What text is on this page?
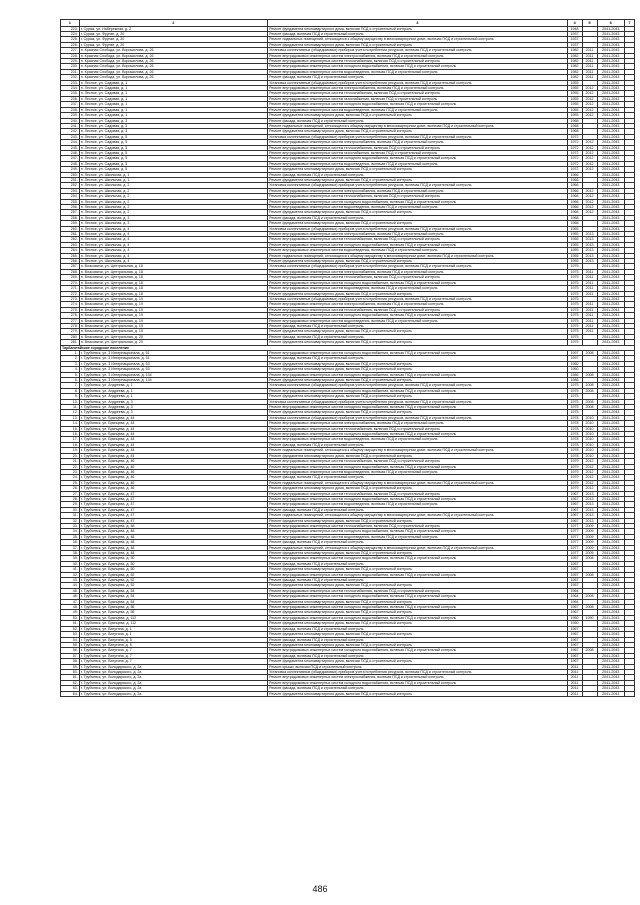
1	2	3	4	5	6	7
223.	г. Сураж, ул. Набережная, д. 2	Ремонт фундамента многоквартирного дома, включая ПСД и строительный контроль	1948		2041-2043	
224.	г. Сураж, ул. Фрунзе, д. 20	Ремонт фасада, включая ПСД и строительный контроль	1937		2041-2043	
225.	г. Сураж, ул. Фрунзе, д. 20	Ремонт подвальных помещений, относящихся к общему имуществу в многоквартирном доме, включая ПСД и строительный контроль	1937		2041-2043	
226.	г. Сураж, ул. Фрунзе, д. 20	Ремонт фундамента многоквартирного дома, включая ПСД и строительный контроль	1937		2041-2043	
227.	п. Красная Слобода, ул. Ворошилова, д. 26	Установка коллективных (общедомовых) приборов учета потребления ресурсов, включая ПСД и строительный контроль	1982	2011	2041-2043	
228.	п. Красная Слобода, ул. Ворошилова, д. 26	Ремонт внутридомовых инженерных систем электроснабжения, включая ПСД и строительный контроль	1982	2011	2041-2043	
229.	п. Красная Слобода, ул. Ворошилова, д. 26	Ремонт внутридомовых инженерных систем теплоснабжения, включая ПСД и строительный контроль	1982	2011	2041-2043	
230.	п. Красная Слобода, ул. Ворошилова, д. 26	Ремонт внутридомовых инженерных систем холодного водоснабжения, включая ПСД и строительный контроль	1982	2011	2041-2043	
231.	п. Красная Слобода, ул. Ворошилова, д. 26	Ремонт внутридомовых инженерных систем водоотведения, включая ПСД и строительный контроль	1982	2011	2041-2043	
232.	п. Красная Слобода, ул. Ворошилова, д. 26	Ремонт фасада, включая ПСД и строительный контроль	1982	2011	2041-2043	
233.	п. Лесное, ул. Садовая, д. 1	Установка коллективных (общедомовых) приборов учета потребления ресурсов, включая ПСД и строительный контроль	1955		2041-2043	
234.	п. Лесное, ул. Садовая, д. 1	Ремонт внутридомовых инженерных систем электроснабжения, включая ПСД и строительный контроль	1955	2012	2041-2043	
235.	п. Лесное, ул. Садовая, д. 1	Ремонт внутридомовых инженерных систем теплоснабжения, включая ПСД и строительный контроль	1955	2012	2041-2043	
236.	п. Лесное, ул. Садовая, д. 1	Ремонт внутридомовых инженерных систем газоснабжения, включая ПСД и строительный контроль	1955	2012	2041-2043	
237.	п. Лесное, ул. Садовая, д. 1	Ремонт внутридомовых инженерных систем холодного водоснабжения, включая ПСД и строительный контроль	1955	2012	2041-2043	
238.	п. Лесное, ул. Садовая, д. 1	Ремонт внутридомовых инженерных систем водоотведения, включая ПСД и строительный контроль	1955	2012	2041-2043	
239.	п. Лесное, ул. Садовая, д. 1	Ремонт фундамента многоквартирного дома, включая ПСД и строительный контроль	1955	2012	2041-2043	
240.	п. Лесное, ул. Садовая, д. 3	Ремонт фасада, включая ПСД и строительный контроль	1968		2041-2043	
241.	п. Лесное, ул. Садовая, д. 3	Ремонт подвальных помещений, относящихся к общему имуществу в многоквартирном доме, включая ПСД и строительный контроль	1968		2041-2043	
242.	п. Лесное, ул. Садовая, д. 3	Ремонт фундамента многоквартирного дома, включая ПСД и строительный контроль	1968		2041-2043	
243.	п. Лесное, ул. Садовая, д. 5	Установка коллективных (общедомовых) приборов учета потребления ресурсов, включая ПСД и строительный контроль	1972		2041-2043	
244.	п. Лесное, ул. Садовая, д. 5	Ремонт внутридомовых инженерных систем электроснабжения, включая ПСД и строительный контроль	1972	2012	2041-2043	
245.	п. Лесное, ул. Садовая, д. 5	Ремонт внутридомовых инженерных систем теплоснабжения, включая ПСД и строительный контроль	1972	2012	2041-2043	
246.	п. Лесное, ул. Садовая, д. 5	Ремонт внутридомовых инженерных систем газоснабжения, включая ПСД и строительный контроль	1972	2012	2041-2043	
247.	п. Лесное, ул. Садовая, д. 5	Ремонт внутридомовых инженерных систем холодного водоснабжения, включая ПСД и строительный контроль	1972	2012	2041-2043	
248.	п. Лесное, ул. Садовая, д. 5	Ремонт внутридомовых инженерных систем водоотведения, включая ПСД и строительный контроль	1972	2012	2041-2043	
249.	п. Лесное, ул. Садовая, д. 5	Ремонт фундамента многоквартирного дома, включая ПСД и строительный контроль	1972	2012	2041-2043	
250.	п. Лесное, ул. Школьная, д. 1	Ремонт фасада, включая ПСД и строительный контроль	1966		2041-2043	
251.	п. Лесное, ул. Школьная, д. 1	Ремонт фундамента многоквартирного дома, включая ПСД и строительный контроль	1966		2041-2043	
252.	п. Лесное, ул. Школьная, д. 2	Установка коллективных (общедомовых) приборов учета потребления ресурсов, включая ПСД и строительный контроль	1966		2041-2043	
253.	п. Лесное, ул. Школьная, д. 2	Ремонт внутридомовых инженерных систем электроснабжения, включая ПСД и строительный контроль	1966	2012	2041-2043	
254.	п. Лесное, ул. Школьная, д. 2	Ремонт внутридомовых инженерных систем теплоснабжения, включая ПСД и строительный контроль	1966	2012	2041-2043	
255.	п. Лесное, ул. Школьная, д. 2	Ремонт внутридомовых инженерных систем холодного водоснабжения, включая ПСД и строительный контроль	1966	2012	2041-2043	
256.	п. Лесное, ул. Школьная, д. 2	Ремонт внутридомовых инженерных систем водоотведения, включая ПСД и строительный контроль	1966	2012	2041-2043	
257.	п. Лесное, ул. Школьная, д. 2	Ремонт фундамента многоквартирного дома, включая ПСД и строительный контроль	1966	2012	2041-2043	
258.	п. Лесное, ул. Школьная, д. 3	Ремонт фасада, включая ПСД и строительный контроль	1968		2041-2043	
259.	п. Лесное, ул. Школьная, д. 3	Ремонт фундамента многоквартирного дома, включая ПСД и строительный контроль	1968		2041-2043	
260.	п. Лесное, ул. Школьная, д. 4	Установка коллективных (общедомовых) приборов учета потребления ресурсов, включая ПСД и строительный контроль	1955		2041-2043	
261.	п. Лесное, ул. Школьная, д. 4	Ремонт внутридомовых инженерных систем электроснабжения, включая ПСД и строительный контроль	1955	2013	2041-2043	
262.	п. Лесное, ул. Школьная, д. 4	Ремонт внутридомовых инженерных систем теплоснабжения, включая ПСД и строительный контроль	1955	2013	2041-2043	
263.	п. Лесное, ул. Школьная, д. 4	Ремонт внутридомовых инженерных систем холодного водоснабжения, включая ПСД и строительный контроль	1955	2013	2041-2043	
264.	п. Лесное, ул. Школьная, д. 4	Ремонт внутридомовых инженерных систем водоотведения, включая ПСД и строительный контроль	1955	2013	2041-2043	
265.	п. Лесное, ул. Школьная, д. 4	Ремонт подвальных помещений, относящихся к общему имуществу в многоквартирном доме, включая ПСД и строительный контроль	1955	2013	2041-2043	
266.	п. Лесное, ул. Школьная, д. 4	Ремонт фундамента многоквартирного дома, включая ПСД и строительный контроль	1955	2013	2041-2043	
267.	п. Власовичи, ул. Центральная, д. 18	Установка коллективных (общедомовых) приборов учета потребления ресурсов, включая ПСД и строительный контроль	1975		2041-2043	
268.	п. Власовичи, ул. Центральная, д. 18	Ремонт внутридомовых инженерных систем электроснабжения, включая ПСД и строительный контроль	1975	2011	2041-2043	
269.	п. Власовичи, ул. Центральная, д. 18	Ремонт внутридомовых инженерных систем теплоснабжения, включая ПСД и строительный контроль	1975	2011	2041-2043	
270.	п. Власовичи, ул. Центральная, д. 18	Ремонт внутридомовых инженерных систем холодного водоснабжения, включая ПСД и строительный контроль	1975	2011	2041-2043	
271.	п. Власовичи, ул. Центральная, д. 18	Ремонт внутридомовых инженерных систем водоотведения, включая ПСД и строительный контроль	1975	2011	2041-2043	
272.	п. Власовичи, ул. Центральная, д. 18	Ремонт фундамента многоквартирного дома, включая ПСД и строительный контроль	1975	2011	2041-2043	
273.	п. Власовичи, ул. Центральная, д. 19	Установка коллективных (общедомовых) приборов учета потребления ресурсов, включая ПСД и строительный контроль	1975		2041-2043	
274.	п. Власовичи, ул. Центральная, д. 19	Ремонт внутридомовых инженерных систем электроснабжения, включая ПСД и строительный контроль	1975	2011	2041-2043	
275.	п. Власовичи, ул. Центральная, д. 19	Ремонт внутридомовых инженерных систем теплоснабжения, включая ПСД и строительный контроль	1975	2011	2041-2043	
276.	п. Власовичи, ул. Центральная, д. 19	Ремонт внутридомовых инженерных систем холодного водоснабжения, включая ПСД и строительный контроль	1975	2011	2041-2043	
277.	п. Власовичи, ул. Центральная, д. 19	Ремонт внутридомовых инженерных систем водоотведения, включая ПСД и строительный контроль	1975	2011	2041-2043	
278.	п. Власовичи, ул. Центральная, д. 19	Ремонт фасада, включая ПСД и строительный контроль	1975	2011	2041-2043	
279.	п. Власовичи, ул. Центральная, д. 19	Ремонт фундамента многоквартирного дома, включая ПСД и строительный контроль	1975	2011	2041-2043	
280.	п. Власовичи, ул. Центральная, д. 20	Ремонт фасада, включая ПСД и строительный контроль	1975		2041-2043	
281.	п. Власовичи, ул. Центральная, д. 20	Ремонт фундамента многоквартирного дома, включая ПСД и строительный контроль	1975		2041-2043	
Тарбагатайское городское поселение						
1.	г. Трубчевск, ул. 3 Интернационала, д. 51	Ремонт внутридомовых инженерных систем холодного водоснабжения, включая ПСД и строительный контроль	1997	2008	2041-2043	
2.	г. Трубчевск, ул. 3 Интернационала, д. 51	Ремонт фасада, включая ПСД и строительный контроль	1997		2041-2043	
3.	г. Трубчевск, ул. 3 Интернационала, д. 53	Ремонт фундамента многоквартирного дома, включая ПСД и строительный контроль	1960		2041-2043	
4.	г. Трубчевск, ул. 3 Интернационала, д. 53	Ремонт фундамента многоквартирного дома, включая ПСД и строительный контроль	1960		2041-2043	
5.	г. Трубчевск, ул. 3 Интернационала, д. 134	Ремонт внутридомовых инженерных систем холодного водоснабжения, включая ПСД и строительный контроль	1986	2008	2041-2043	
6.	г. Трубчевск, ул. 3 Интернационала, д. 134	Ремонт фундамента многоквартирного дома, включая ПСД и строительный контроль	1986		2041-2043	
7.	г. Трубчевск, ул. Андреева, д. 1	Установка коллективных (общедомовых) приборов учета потребления ресурсов, включая ПСД и строительный контроль	1975	2008	2041-2043	
8.	г. Трубчевск, ул. Андреева, д. 1	Ремонт внутридомовых инженерных систем холодного водоснабжения, включая ПСД и строительный контроль	1975	2008	2041-2043	
9.	г. Трубчевск, ул. Андреева, д. 1	Ремонт фундамента многоквартирного дома, включая ПСД и строительный контроль	1975		2041-2043	
10.	г. Трубчевск, ул. Андреева, д. 3	Установка коллективных (общедомовых) приборов учета потребления ресурсов, включая ПСД и строительный контроль	1975	2008	2041-2043	
11.	г. Трубчевск, ул. Андреева, д. 3	Ремонт внутридомовых инженерных систем холодного водоснабжения, включая ПСД и строительный контроль	1975	2008	2041-2043	
12.	г. Трубчевск, ул. Андреева, д. 3	Ремонт фундамента многоквартирного дома, включая ПСД и строительный контроль	1975		2041-2043	
13.	г. Трубчевск, ул. Брянцева, д. 44	Установка коллективных (общедомовых) приборов учета потребления ресурсов, включая ПСД и строительный контроль	1978	2010	2041-2043	
14.	г. Трубчевск, ул. Брянцева, д. 44	Ремонт внутридомовых инженерных систем электроснабжения, включая ПСД и строительный контроль	1978	2010	2041-2043	
15.	г. Трубчевск, ул. Брянцева, д. 44	Ремонт внутридомовых инженерных систем теплоснабжения, включая ПСД и строительный контроль	1978	2010	2041-2043	
16.	г. Трубчевск, ул. Брянцева, д. 44	Ремонт внутридомовых инженерных систем холодного водоснабжения, включая ПСД и строительный контроль	1978	2010	2041-2043	
17.	г. Трубчевск, ул. Брянцева, д. 44	Ремонт внутридомовых инженерных систем водоотведения, включая ПСД и строительный контроль	1978	2010	2041-2043	
18.	г. Трубчевск, ул. Брянцева, д. 44	Ремонт фасада, включая ПСД и строительный контроль	1978	2010	2041-2043	
19.	г. Трубчевск, ул. Брянцева, д. 44	Ремонт подвальных помещений, относящихся к общему имуществу в многоквартирном доме, включая ПСД и строительный контроль	1978	2010	2041-2043	
20.	г. Трубчевск, ул. Брянцева, д. 44	Ремонт фундамента многоквартирного дома, включая ПСД и строительный контроль	1978	2010	2041-2043	
21.	г. Трубчевск, ул. Брянцева, д. 46	Ремонт внутридомовых инженерных систем теплоснабжения, включая ПСД и строительный контроль	1979	2012	2041-2043	
22.	г. Трубчевск, ул. Брянцева, д. 46	Ремонт внутридомовых инженерных систем холодного водоснабжения, включая ПСД и строительный контроль	1979	2012	2041-2043	
23.	г. Трубчевск, ул. Брянцева, д. 46	Ремонт внутридомовых инженерных систем водоотведения, включая ПСД и строительный контроль	1979	2012	2041-2043	
24.	г. Трубчевск, ул. Брянцева, д. 46	Ремонт фасада, включая ПСД и строительный контроль	1979	2012	2041-2043	
25.	г. Трубчевск, ул. Брянцева, д. 46	Ремонт подвальных помещений, относящихся к общему имуществу в многоквартирном доме, включая ПСД и строительный контроль	1979	2012	2041-2043	
26.	г. Трубчевск, ул. Брянцева, д. 46	Ремонт фундамента многоквартирного дома, включая ПСД и строительный контроль	1979	2012	2041-2043	
27.	г. Трубчевск, ул. Брянцева, д. 47	Ремонт внутридомовых инженерных систем теплоснабжения, включая ПСД и строительный контроль	1967	2013	2041-2043	
28.	г. Трубчевск, ул. Брянцева, д. 47	Ремонт внутридомовых инженерных систем холодного водоснабжения, включая ПСД и строительный контроль	1967	2013	2041-2043	
29.	г. Трубчевск, ул. Брянцева, д. 47	Ремонт внутридомовых инженерных систем водоотведения, включая ПСД и строительный контроль	1967	2013	2041-2043	
30.	г. Трубчевск, ул. Брянцева, д. 47	Ремонт фасада, включая ПСД и строительный контроль	1967	2013	2041-2043	
31.	г. Трубчевск, ул. Брянцева, д. 47	Ремонт подвальных помещений, относящихся к общему имуществу в многоквартирном доме, включая ПСД и строительный контроль	1967	2013	2041-2043	
32.	г. Трубчевск, ул. Брянцева, д. 47	Ремонт фундамента многоквартирного дома, включая ПСД и строительный контроль	1967	2013	2041-2043	
33.	г. Трубчевск, ул. Брянцева, д. 48	Ремонт внутридомовых инженерных систем теплоснабжения, включая ПСД и строительный контроль	1977	2009	2041-2043	
34.	г. Трубчевск, ул. Брянцева, д. 48	Ремонт внутридомовых инженерных систем холодного водоснабжения, включая ПСД и строительный контроль	1977	2009	2041-2043	
35.	г. Трубчевск, ул. Брянцева, д. 48	Ремонт внутридомовых инженерных систем водоотведения, включая ПСД и строительный контроль	1977	2009	2041-2043	
36.	г. Трубчевск, ул. Брянцева, д. 48	Ремонт фасада, включая ПСД и строительный контроль	1977	2009	2041-2043	
37.	г. Трубчевск, ул. Брянцева, д. 48	Ремонт подвальных помещений, относящихся к общему имуществу в многоквартирном доме, включая ПСД и строительный контроль	1977	2009	2041-2043	
38.	г. Трубчевск, ул. Брянцева, д. 48	Ремонт фундамента многоквартирного дома, включая ПСД и строительный контроль	1977	2009	2041-2043	
39.	г. Трубчевск, ул. Брянцева, д. 50	Ремонт внутридомовых инженерных систем холодного водоснабжения, включая ПСД и строительный контроль	1957	2008	2041-2043	
40.	г. Трубчевск, ул. Брянцева, д. 50	Ремонт фасада, включая ПСД и строительный контроль	1957		2041-2043	
41.	г. Трубчевск, ул. Брянцева, д. 50	Ремонт фундамента многоквартирного дома, включая ПСД и строительный контроль	1957		2041-2043	
42.	г. Трубчевск, ул. Брянцева, д. 52	Ремонт внутридомовых инженерных систем холодного водоснабжения, включая ПСД и строительный контроль	1957	2008	2041-2043	
43.	г. Трубчевск, ул. Брянцева, д. 52	Ремонт фасада, включая ПСД и строительный контроль	1957		2041-2043	
44.	г. Трубчевск, ул. Брянцева, д. 52	Ремонт фундамента многоквартирного дома, включая ПСД и строительный контроль	1957		2041-2043	
45.	г. Трубчевск, ул. Брянцева, д. 54	Ремонт внутридомовых инженерных систем теплоснабжения, включая ПСД и строительный контроль	1964		2041-2043	
46.	г. Трубчевск, ул. Брянцева, д. 54	Ремонт внутридомовых инженерных систем холодного водоснабжения, включая ПСД и строительный контроль	1964	2008	2041-2043	
47.	г. Трубчевск, ул. Брянцева, д. 54	Ремонт фундамента многоквартирного дома, включая ПСД и строительный контроль	1964		2041-2043	
48.	г. Трубчевск, ул. Брянцева, д. 56	Ремонт внутридомовых инженерных систем холодного водоснабжения, включая ПСД и строительный контроль	1967	2008	2041-2043	
49.	г. Трубчевск, ул. Брянцева, д. 56	Ремонт фундамента многоквартирного дома, включая ПСД и строительный контроль	1967		2041-2043	
50.	г. Трубчевск, ул. Брянцева, д. 112	Ремонт внутридомовых инженерных систем холодного водоснабжения, включая ПСД и строительный контроль	1950	1990	2041-2043	
51.	г. Трубчевск, ул. Брянцева, д. 112	Ремонт фундамента многоквартирного дома, включая ПСД и строительный контроль	1950		2041-2043	
52.	г. Трубчевск, ул. Ватутина, д. 1	Ремонт фасада, включая ПСД и строительный контроль	1967		2041-2043	
53.	г. Трубчевск, ул. Ватутина, д. 1	Ремонт фундамента многоквартирного дома, включая ПСД и строительный контроль	1967		2041-2043	
54.	г. Трубчевск, ул. Ватутина, д. 5	Ремонт фасада, включая ПСД и строительный контроль	1967		2041-2043	
55.	г. Трубчевск, ул. Ватутина, д. 5	Ремонт фундамента многоквартирного дома, включая ПСД и строительный контроль	1967		2041-2043	
56.	г. Трубчевск, ул. Ватутина, д. 7	Ремонт внутридомовых инженерных систем холодного водоснабжения, включая ПСД и строительный контроль	1967	2008	2041-2043	
57.	г. Трубчевск, ул. Ватутина, д. 7	Ремонт фасада, включая ПСД и строительный контроль	1967		2041-2043	
58.	г. Трубчевск, ул. Ватутина, д. 7	Ремонт фундамента многоквартирного дома, включая ПСД и строительный контроль	1967		2041-2043	
59.	г. Трубчевск, ул. Володарского, д. 2а	Ремонт крыши, включая ПСД и строительный контроль	2011		2041-2043	
60.	г. Трубчевск, ул. Володарского, д. 2а	Установка коллективных (общедомовых) приборов учета потребления ресурсов, включая ПСД и строительный контроль	2011		2041-2043	
61.	г. Трубчевск, ул. Володарского, д. 2а	Ремонт внутридомовых инженерных систем электроснабжения, включая ПСД и строительный контроль	2011		2041-2043	
62.	г. Трубчевск, ул. Володарского, д. 2а	Ремонт внутридомовых инженерных систем холодного водоснабжения, включая ПСД и строительный контроль	2011		2041-2043	
63.	г. Трубчевск, ул. Володарского, д. 2а	Ремонт фасада, включая ПСД и строительный контроль	2011		2041-2043	
64.	г. Трубчевск, ул. Володарского, д. 2а	Ремонт фундамента многоквартирного дома, включая ПСД и строительный контроль	2011		2041-2043	
486
